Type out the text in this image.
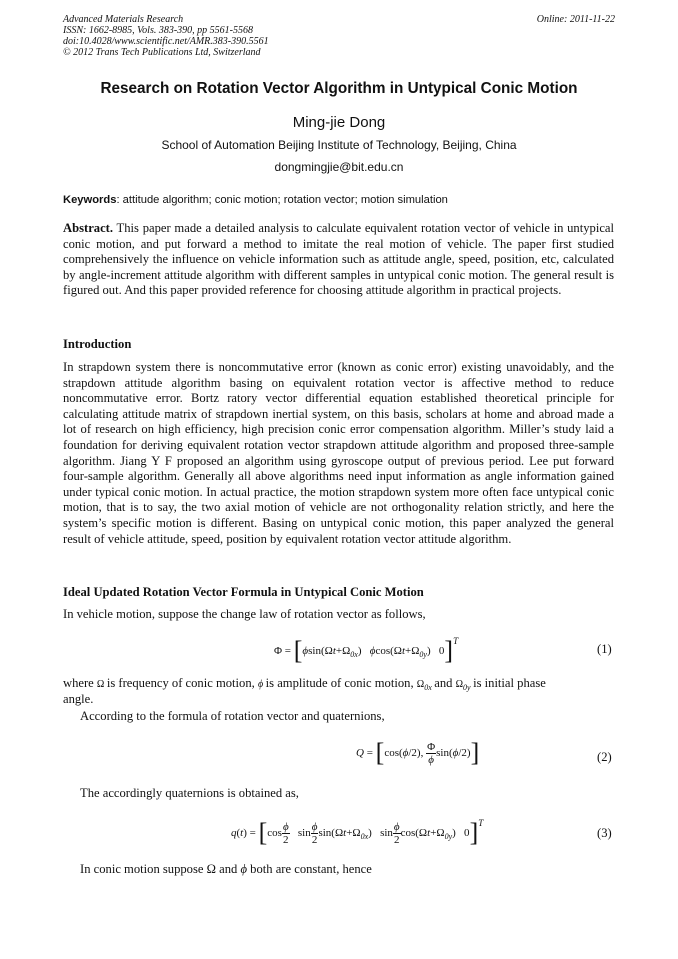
Advanced Materials Research
ISSN: 1662-8985, Vols. 383-390, pp 5561-5568
doi:10.4028/www.scientific.net/AMR.383-390.5561
© 2012 Trans Tech Publications Ltd, Switzerland
Online: 2011-11-22
Research on Rotation Vector Algorithm in Untypical Conic Motion
Ming-jie Dong
School of Automation Beijing Institute of Technology, Beijing, China
dongmingjie@bit.edu.cn
Keywords: attitude algorithm; conic motion; rotation vector; motion simulation
Abstract. This paper made a detailed analysis to calculate equivalent rotation vector of vehicle in untypical conic motion, and put forward a method to imitate the real motion of vehicle. The paper first studied comprehensively the influence on vehicle information such as attitude angle, speed, position, etc, calculated by angle-increment attitude algorithm with different samples in untypical conic motion. The general result is figured out. And this paper provided reference for choosing attitude algorithm in practical projects.
Introduction
In strapdown system there is noncommutative error (known as conic error) existing unavoidably, and the strapdown attitude algorithm basing on equivalent rotation vector is affective method to reduce noncommutative error. Bortz ratory vector differential equation established theoretical principle for calculating attitude matrix of strapdown inertial system, on this basis, scholars at home and abroad made a lot of research on high efficiency, high precision conic error compensation algorithm. Miller’s study laid a foundation for deriving equivalent rotation vector strapdown attitude algorithm and proposed three-sample algorithm. Jiang Y F proposed an algorithm using gyroscope output of previous period. Lee put forward four-sample algorithm. Generally all above algorithms need input information as angle information gained under typical conic motion. In actual practice, the motion strapdown system more often face untypical conic motion, that is to say, the two axial motion of vehicle are not orthogonality relation strictly, and here the system’s specific motion is different. Basing on untypical conic motion, this paper analyzed the general result of vehicle attitude, speed, position by equivalent rotation vector attitude algorithm.
Ideal Updated Rotation Vector Formula in Untypical Conic Motion
In vehicle motion, suppose the change law of rotation vector as follows,
$\Phi = [\phi\sin(\Omega t+\Omega_{0x})$   $\phi\cos(\Omega t+\Omega_{0y})$   0]$^T$
(1)
where Ω is frequency of conic motion, ϕ is amplitude of conic motion, $\Omega_{0x}$ and $\Omega_{0y}$ is initial phase
angle.
According to the formula of rotation vector and quaternions,
Q = [cos(ϕ/2), $\frac{\Phi}{\phi} \sin(\phi/2)$]	(2)
The accordingly quaternions is obtained as,
$q(t) = [\cos \frac{\phi}{2}$ $\sin \frac{\phi}{2} \sin(\Omega t+\Omega_{0x})$   $\sin \frac{\phi}{2} \cos(\Omega t+\Omega_{0y})$   0]$^T$
(3)
In conic motion suppose Ω and ϕ both are constant, hence
